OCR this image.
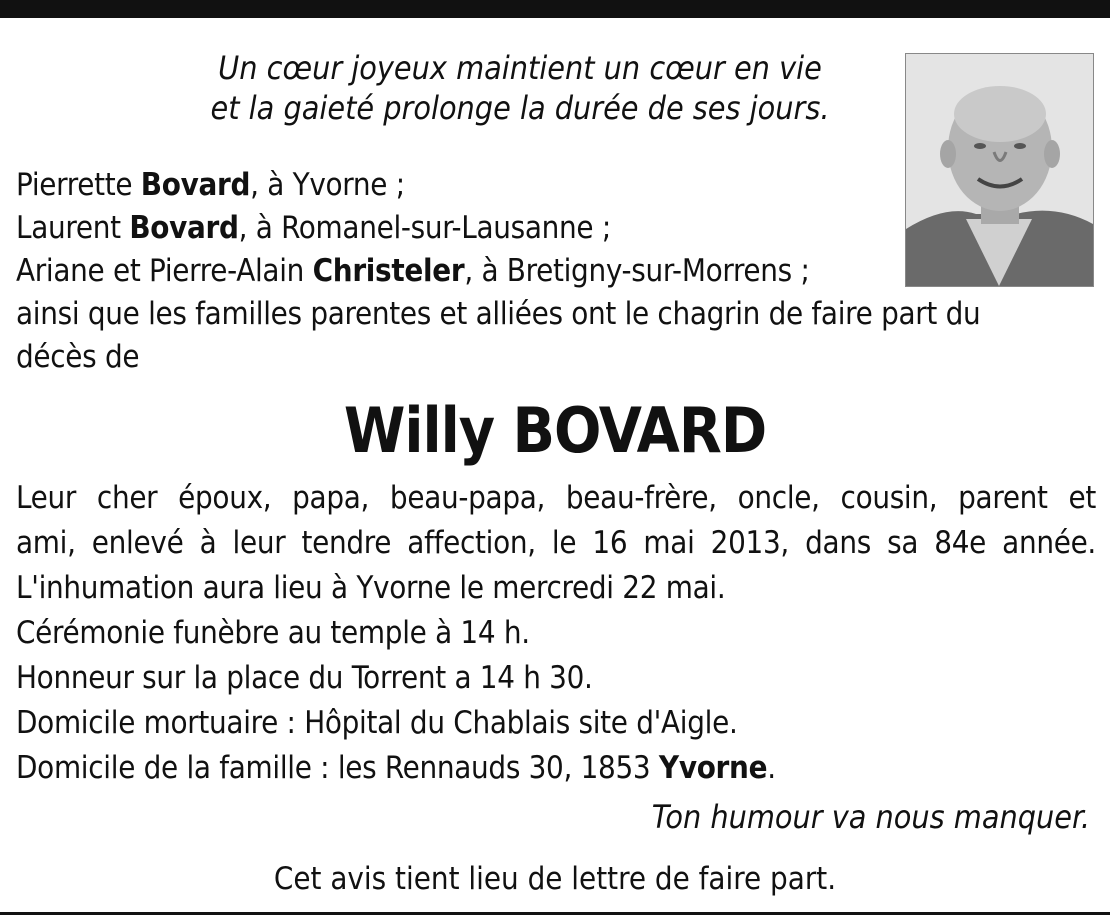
Un cœur joyeux maintient un cœur en vie
et la gaieté prolonge la durée de ses jours.
Pierrette Bovard, à Yvorne ;
Laurent Bovard, à Romanel-sur-Lausanne ;
Ariane et Pierre-Alain Christeler, à Bretigny-sur-Morrens ;
ainsi que les familles parentes et alliées ont le chagrin de faire part du
décès de
Willy BOVARD
Leur cher époux, papa, beau-papa, beau-frère, oncle, cousin, parent et
ami, enlevé à leur tendre affection, le 16 mai 2013, dans sa 84e année.
L'inhumation aura lieu à Yvorne le mercredi 22 mai.
Cérémonie funèbre au temple à 14 h.
Honneur sur la place du Torrent a 14 h 30.
Domicile mortuaire : Hôpital du Chablais site d'Aigle.
Domicile de la famille : les Rennauds 30, 1853 Yvorne.
Ton humour va nous manquer.
Cet avis tient lieu de lettre de faire part.
